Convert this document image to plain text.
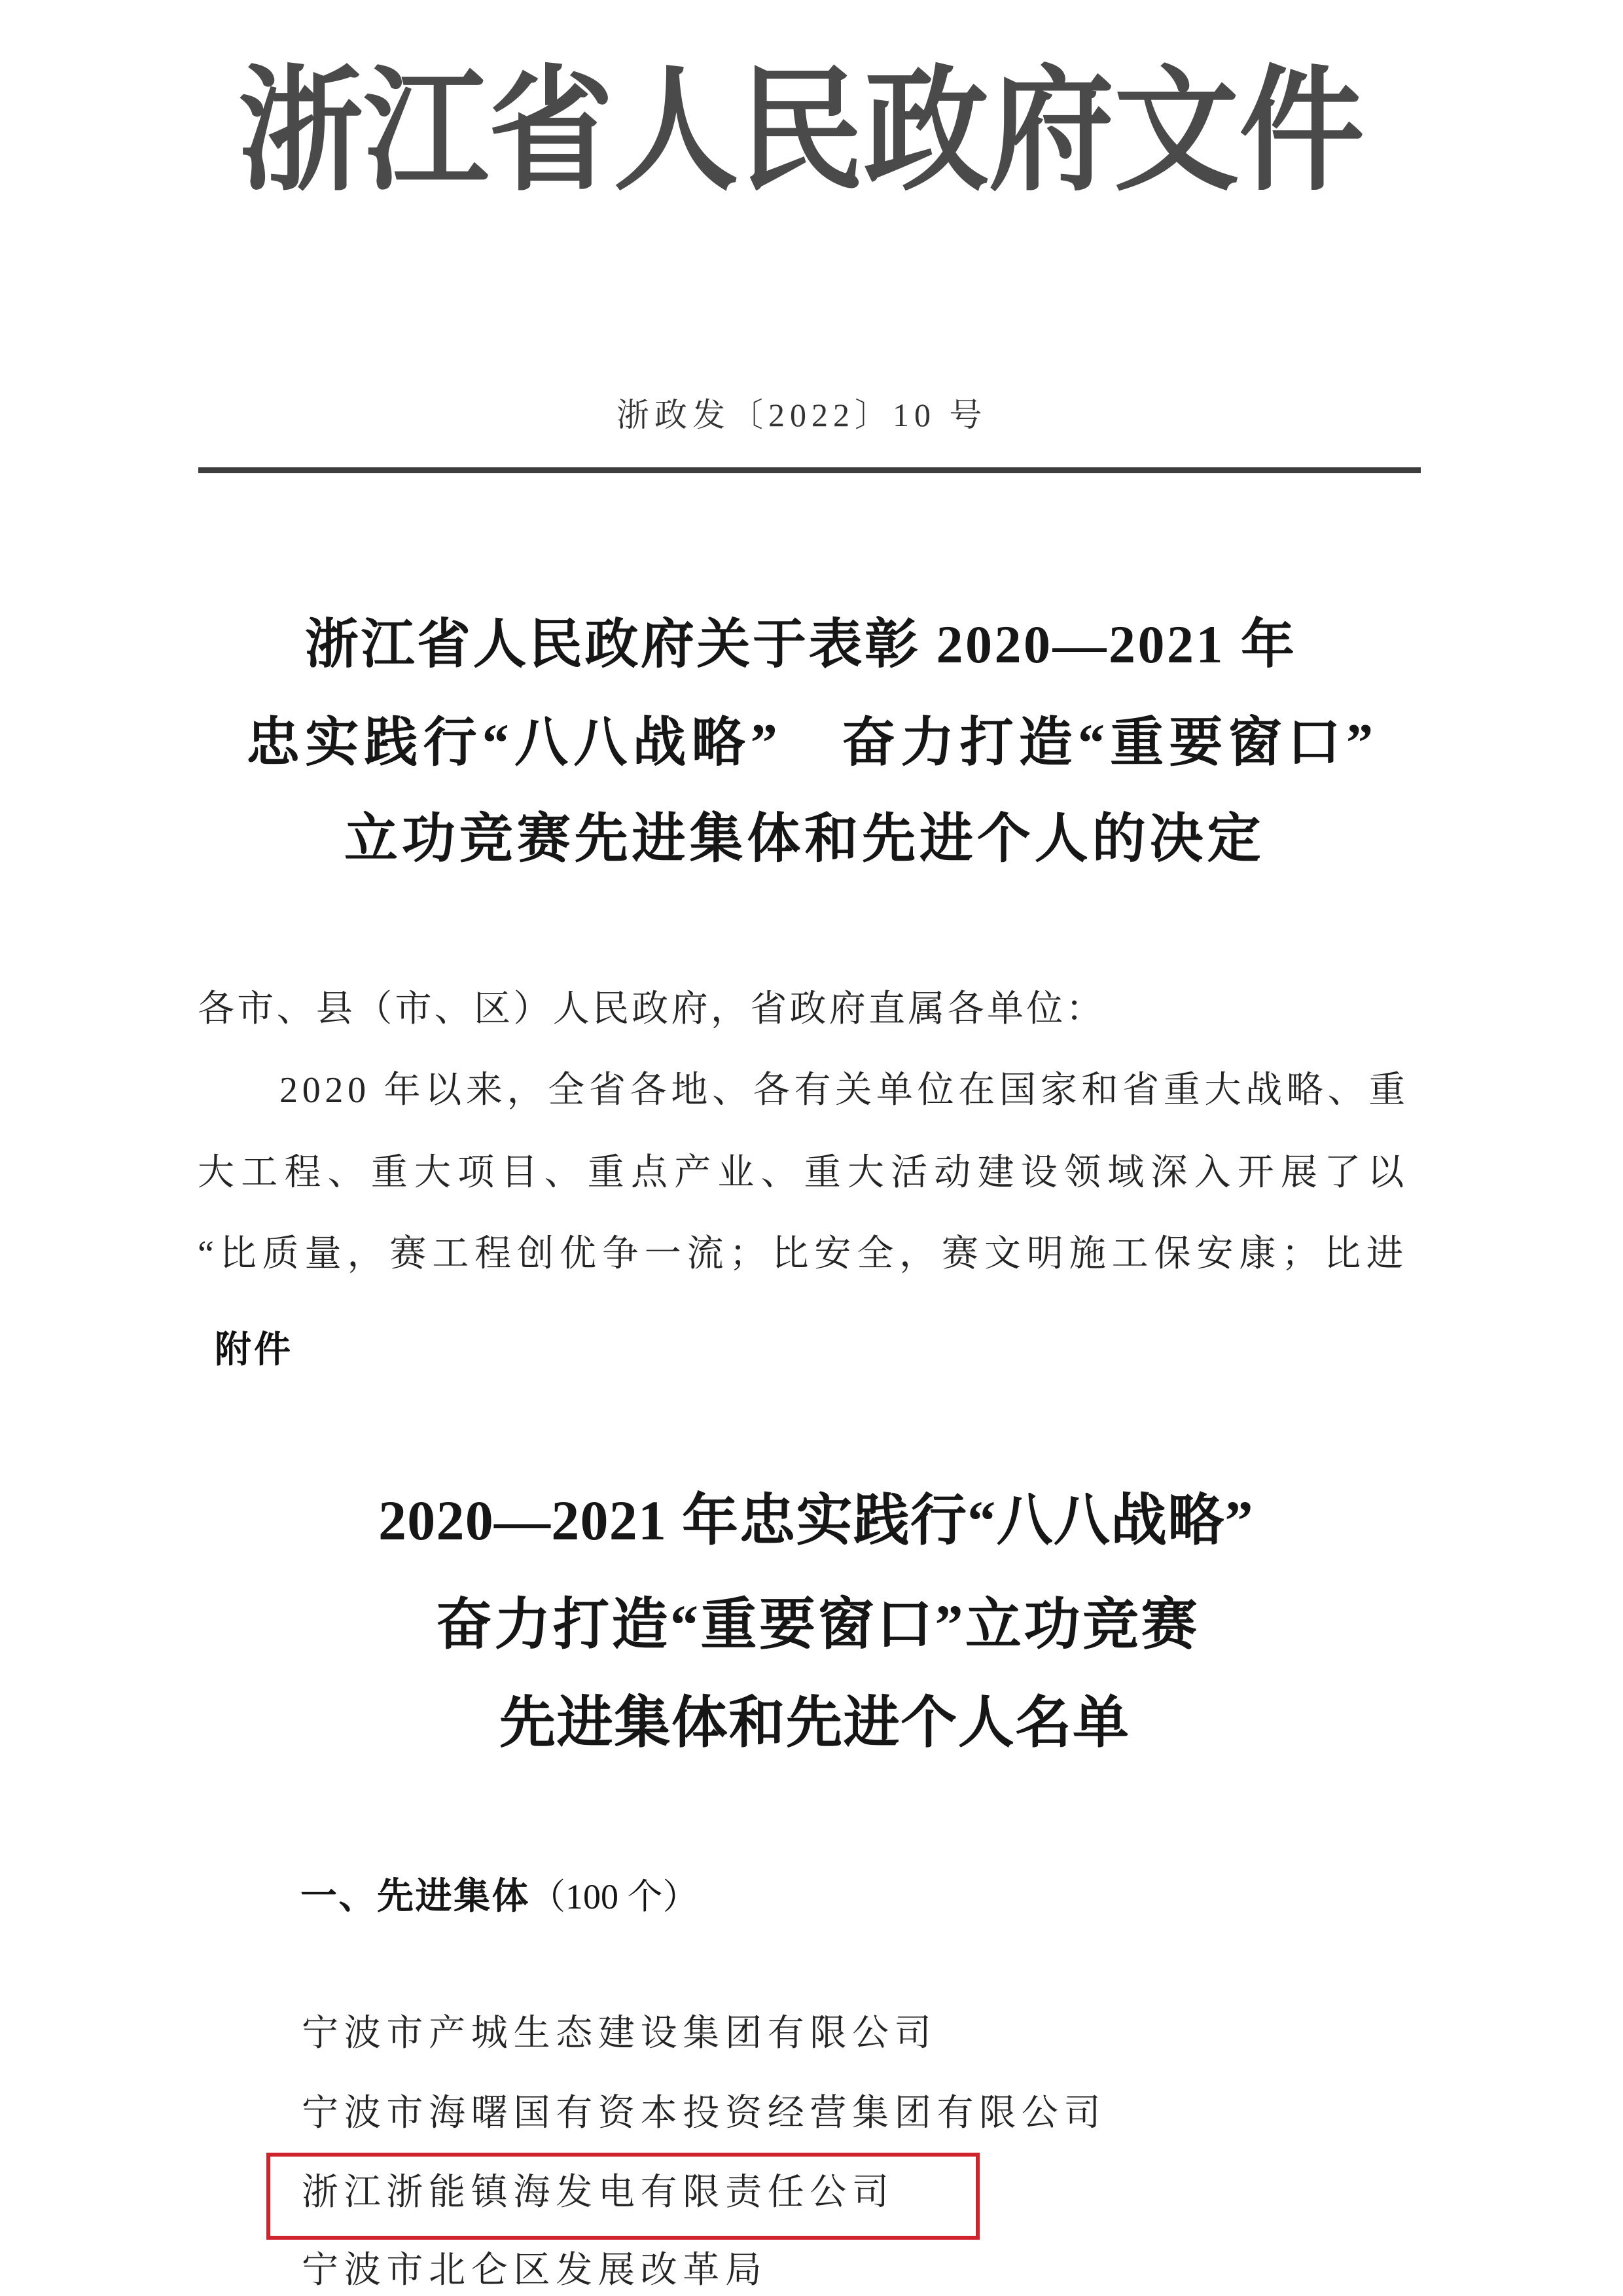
浙江省人民政府文件
浙政发〔2022〕10 号
浙江省人民政府关于表彰 2020—2021 年
忠实践行“八八战略”　奋力打造“重要窗口”
立功竞赛先进集体和先进个人的决定
各市、县（市、区）人民政府，省政府直属各单位：
2020 年以来，全省各地、各有关单位在国家和省重大战略、重
大工程、重大项目、重点产业、重大活动建设领域深入开展了以
“比质量，赛工程创优争一流；比安全，赛文明施工保安康；比进
附件
2020—2021 年忠实践行“八八战略”
奋力打造“重要窗口”立功竞赛
先进集体和先进个人名单
一、先进集体（100 个）
宁波市产城生态建设集团有限公司
宁波市海曙国有资本投资经营集团有限公司
浙江浙能镇海发电有限责任公司
宁波市北仑区发展改革局
